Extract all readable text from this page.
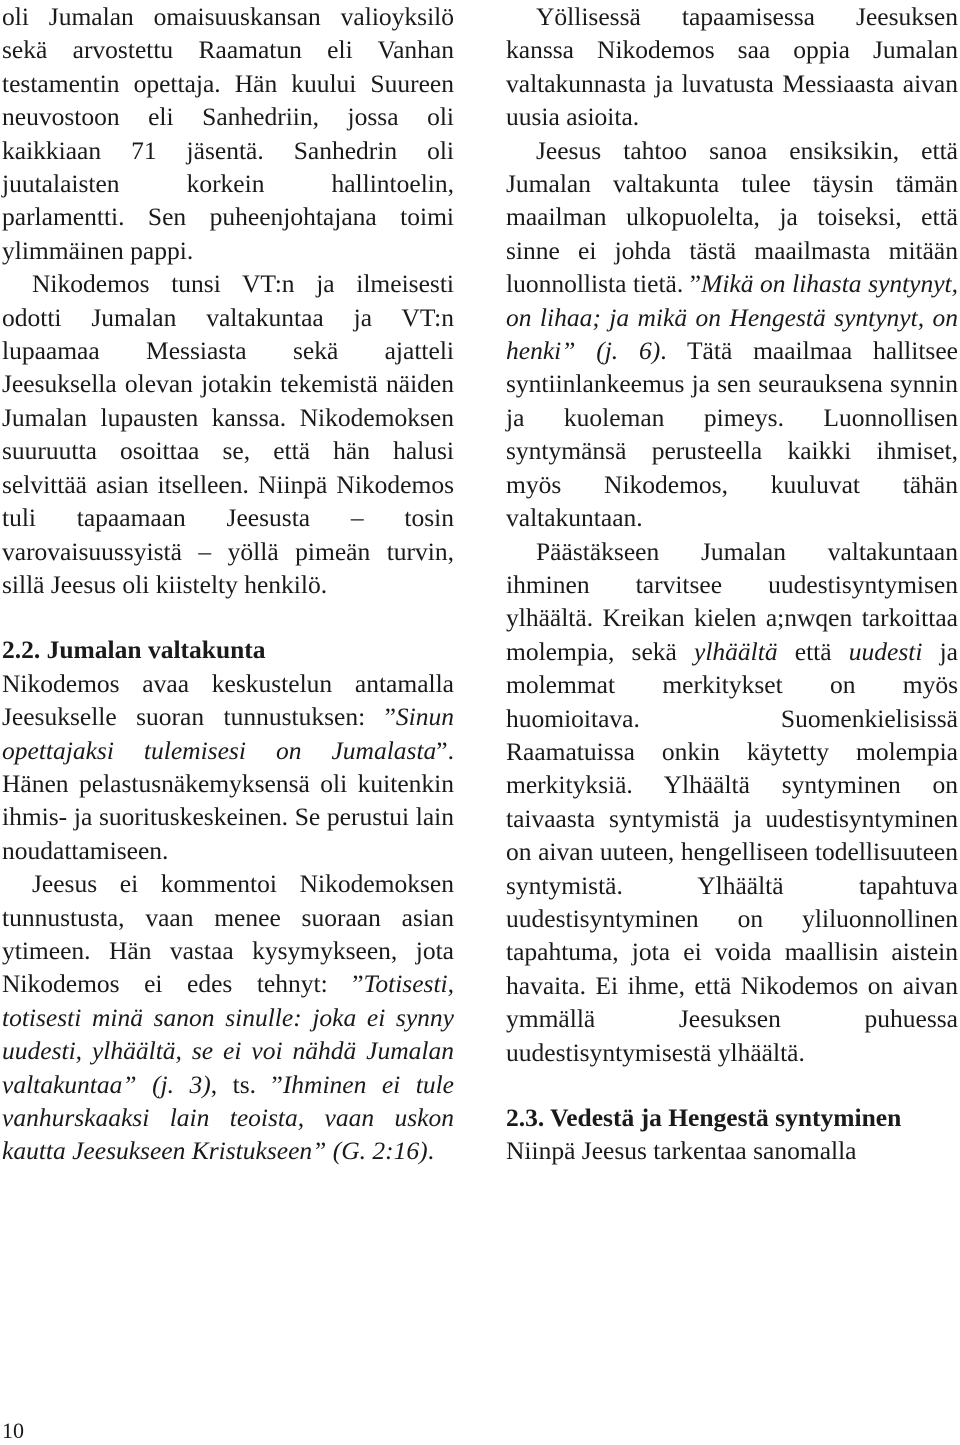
oli Jumalan omaisuuskansan valioyksilö sekä arvostettu Raamatun eli Vanhan testamentin opettaja. Hän kuului Suureen neuvostoon eli Sanhedriin, jossa oli kaikkiaan 71 jäsentä. Sanhedrin oli juutalaisten korkein hallintoelin, parlamentti. Sen puheenjohtajana toimi ylimmäinen pappi.

Nikodemos tunsi VT:n ja ilmeisesti odotti Jumalan valtakuntaa ja VT:n lupaamaa Messiasta sekä ajatteli Jeesuksella olevan jotakin tekemistä näiden Jumalan lupausten kanssa. Nikodemoksen suuruutta osoittaa se, että hän halusi selvittää asian itselleen. Niinpä Nikodemos tuli tapaamaan Jeesusta – tosin varovaisuussyistä – yöllä pimeän turvin, sillä Jeesus oli kiistelty henkilö.

2.2. Jumalan valtakunta

Nikodemos avaa keskustelun antamalla Jeesukselle suoran tunnustuksen: ”Sinun opettajaksi tulemisesi on Jumalasta”. Hänen pelastusnäkemyksensä oli kuitenkin ihmis- ja suorituskeskeinen. Se perustui lain noudattamiseen.

Jeesus ei kommentoi Nikodemoksen tunnustusta, vaan menee suoraan asian ytimeen. Hän vastaa kysymykseen, jota Nikodemos ei edes tehnyt: ”Totisesti, totisesti minä sanon sinulle: joka ei synny uudesti, ylhäältä, se ei voi nähdä Jumalan valtakuntaa” (j. 3), ts. ”Ihminen ei tule vanhurskaaksi lain teoista, vaan uskon kautta Jeesukseen Kristukseen” (G. 2:16).

Yöllisessä tapaamisessa Jeesuksen kanssa Nikodemos saa oppia Jumalan valtakunnasta ja luvatusta Messiaasta aivan uusia asioita.

Jeesus tahtoo sanoa ensiksikin, että Jumalan valtakunta tulee täysin tämän maailman ulkopuolelta, ja toiseksi, että sinne ei johda tästä maailmasta mitään luonnollista tietä. ”Mikä on lihasta syntynyt, on lihaa; ja mikä on Hengestä syntynyt, on henki” (j. 6). Tätä maailmaa hallitsee syntiinlankeemus ja sen seurauksena synnin ja kuoleman pimeys. Luonnollisen syntymänsä perusteella kaikki ihmiset, myös Nikodemos, kuuluvat tähän valtakuntaan.

Päästäkseen Jumalan valtakuntaan ihminen tarvitsee uudestisyntymisen ylhäältä. Kreikan kielen a;nwqen tarkoittaa molempia, sekä ylhäältä että uudesti ja molemmat merkitykset on myös huomioitava. Suomenkielisissä Raamatuissa onkin käytetty molempia merkityksiä. Ylhäältä syntyminen on taivaasta syntymistä ja uudestisyntyminen on aivan uuteen, hengelliseen todellisuuteen syntymistä. Ylhäältä tapahtuva uudestisyntyminen on yliluonnollinen tapahtuma, jota ei voida maallisin aistein havaita. Ei ihme, että Nikodemos on aivan ymmällä Jeesuksen puhuessa uudestisyntymisestä ylhäältä.

2.3. Vedestä ja Hengestä syntyminen

Niinpä Jeesus tarkentaa sanomalla

10
